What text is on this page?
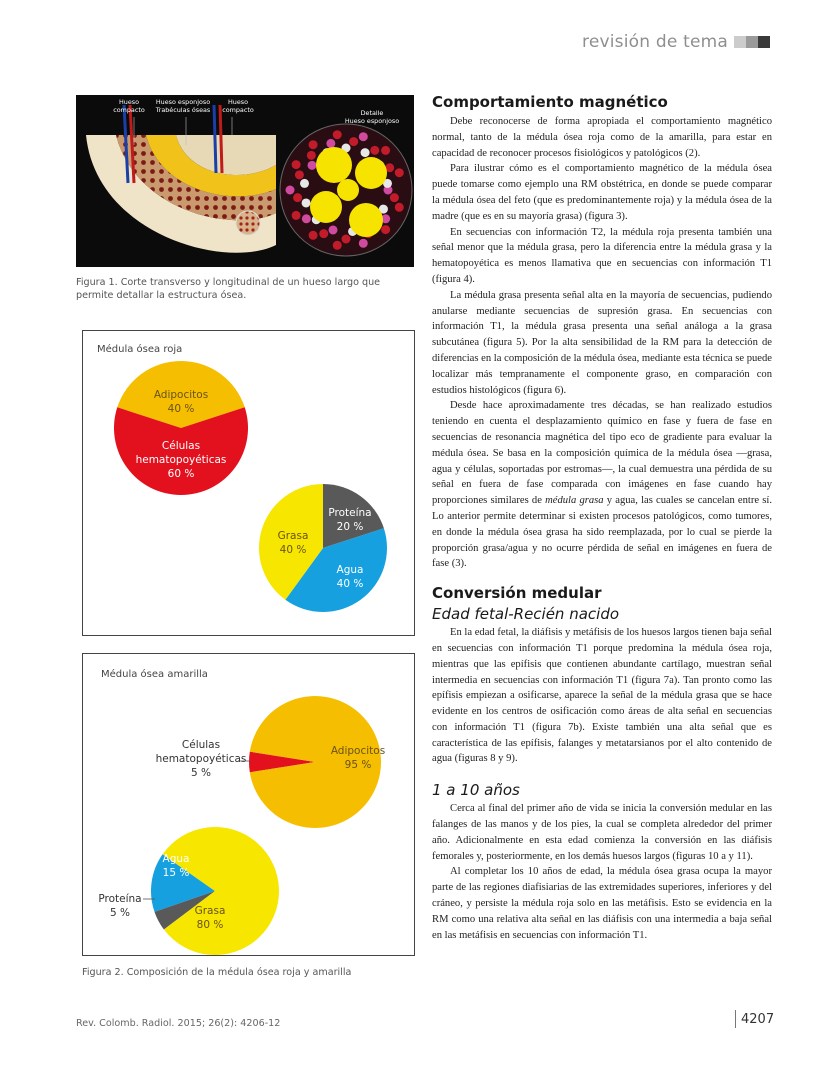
revisión de tema
Hueso
compacto
Hueso esponjoso
Trabéculas óseas
Hueso
compacto	Detalle
Hueso esponjoso
Figura 1. Corte transverso y longitudinal de un hueso largo que permite detallar la estructura ósea.
Médula ósea roja
Adipocitos
40 %
Células
hematopoyéticas
60 %
Proteína
20 %
Agua
40 %
Grasa
40 %
Médula ósea amarilla
Adipocitos
95 %
Células
hematopoyéticas
5 %
Agua
15 %
Proteína
5 %	Grasa
80 %
Figura 2. Composición de la médula ósea roja y amarilla
Comportamiento magnético
Debe reconocerse de forma apropiada el comportamiento magnético normal, tanto de la médula ósea roja como de la amarilla, para estar en capacidad de reconocer procesos fisiológicos y patológicos (2).
Para ilustrar cómo es el comportamiento magnético de la médula ósea puede tomarse como ejemplo una RM obstétrica, en donde se puede comparar la médula ósea del feto (que es predominantemente roja) y la médula ósea de la madre (que es en su mayoría grasa) (figura 3).
En secuencias con información T2, la médula roja presenta también una señal menor que la médula grasa, pero la diferencia entre la médula grasa y la hematopoyética es menos llamativa que en secuencias con información T1 (figura 4).
La médula grasa presenta señal alta en la mayoría de secuencias, pudiendo anularse mediante secuencias de supresión grasa. En secuencias con información T1, la médula grasa presenta una señal análoga a la grasa subcutánea (figura 5). Por la alta sensibilidad de la RM para la detección de diferencias en la composición de la médula ósea, mediante esta técnica se puede localizar más tempranamente el componente graso, en comparación con estudios histológicos (figura 6).
Desde hace aproximadamente tres décadas, se han realizado estudios teniendo en cuenta el desplazamiento químico en fase y fuera de fase en secuencias de resonancia magnética del tipo eco de gradiente para evaluar la médula ósea. Se basa en la composición química de la médula ósea —grasa, agua y células, soportadas por estromas—, la cual demuestra una pérdida de su señal en fuera de fase comparada con imágenes en fase cuando hay proporciones similares de médula grasa y agua, las cuales se cancelan entre sí. Lo anterior permite determinar si existen procesos patológicos, como tumores, en donde la médula ósea grasa ha sido reemplazada, por lo cual se pierde la proporción grasa/agua y no ocurre pérdida de señal en imágenes en fuera de fase (3).
Conversión medular
Edad fetal-Recién nacido
En la edad fetal, la diáfisis y metáfisis de los huesos largos tienen baja señal en secuencias con información T1 porque predomina la médula ósea roja, mientras que las epífisis que contienen abundante cartílago, muestran señal intermedia en secuencias con información T1 (figura 7a). Tan pronto como las epífisis empiezan a osificarse, aparece la señal de la médula grasa que se hace evidente en los centros de osificación como áreas de alta señal en secuencias con información T1 (figura 7b). Existe también una alta señal que es característica de las epífisis, falanges y metatarsianos por el alto contenido de agua (figuras 8 y 9).
1 a 10 años
Cerca al final del primer año de vida se inicia la conversión medular en las falanges de las manos y de los pies, la cual se completa alrededor del primer año. Adicionalmente en esta edad comienza la conversión en las diáfisis femorales y, posteriormente, en los demás huesos largos (figuras 10 a y 11).
Al completar los 10 años de edad, la médula ósea grasa ocupa la mayor parte de las regiones diafisiarias de las extremidades superiores, inferiores y del cráneo, y persiste la médula roja solo en las metáfisis. Esto se evidencia en la RM como una relativa alta señal en las diáfisis con una intermedia a baja señal en las metáfisis en secuencias con información T1.
Rev. Colomb. Radiol. 2015; 26(2): 4206-12	4207
